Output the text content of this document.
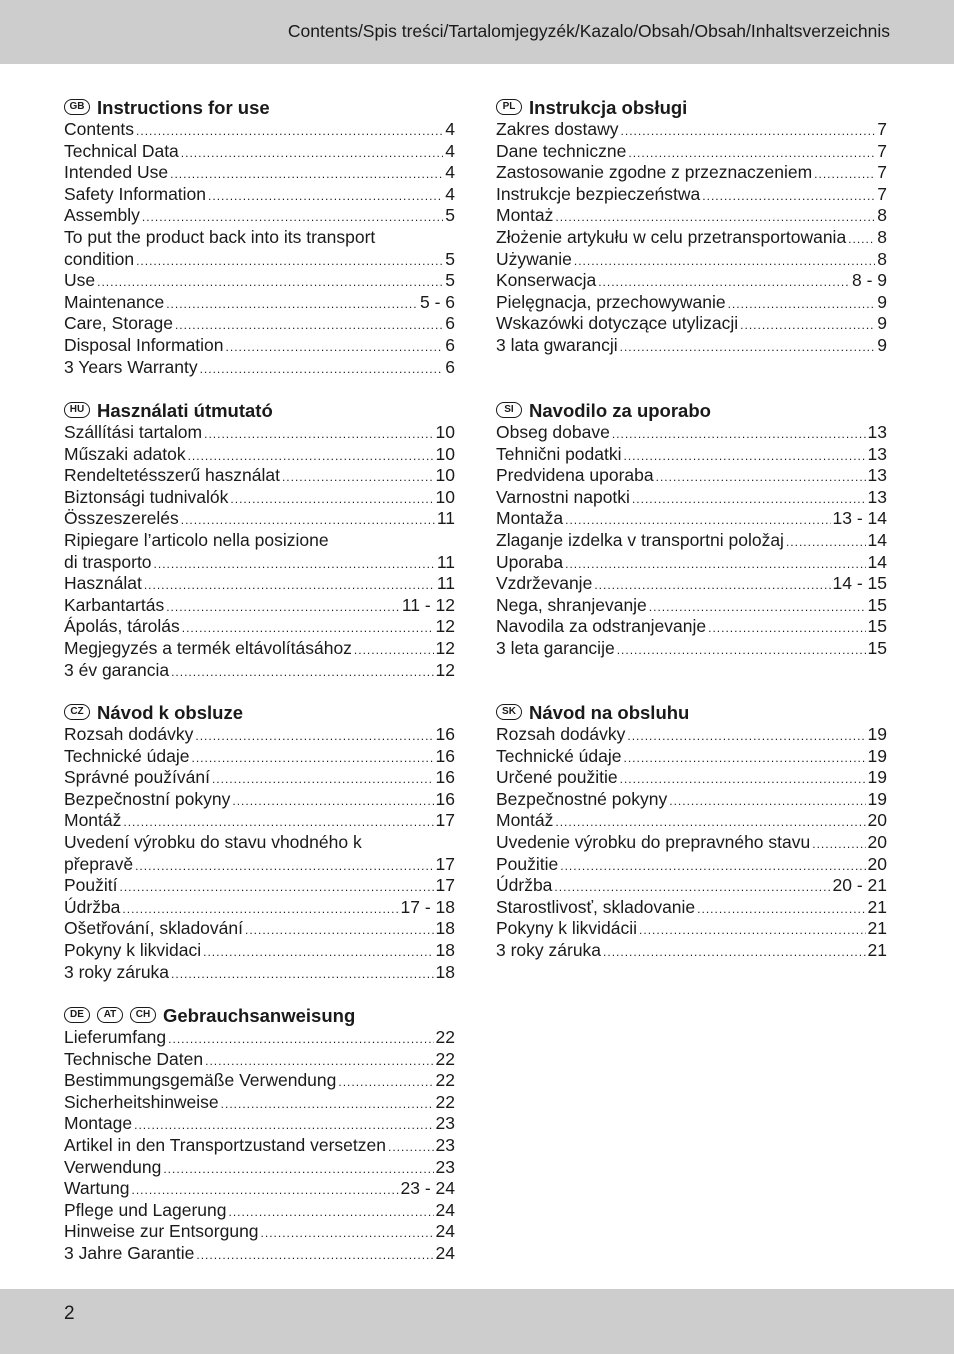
Contents/Spis treści/Tartalomjegyzék/Kazalo/Obsah/Obsah/Inhaltsverzeichnis
GB Instructions for use
Contents .....	4
Technical Data .....	4
Intended Use .....	4
Safety Information .....	4
Assembly .....	5
To put the product back into its transport
condition .....	5
Use .....	5
Maintenance .....	5 - 6
Care, Storage .....	6
Disposal Information .....	6
3 Years Warranty .....	6
HU Használati útmutató
Szállítási tartalom .....	10
Műszaki adatok .....	10
Rendeltetésszerű használat .....	10
Biztonsági tudnivalók .....	10
Összeszerelés .....	11
Ripiegare l’articolo nella posizione
di trasporto .....	11
Használat .....	11
Karbantartás .....	11 - 12
Ápolás, tárolás .....	12
Megjegyzés a termék eltávolításához .....	12
3 év garancia .....	12
CZ Návod k obsluze
Rozsah dodávky .....	16
Technické údaje .....	16
Správné používání .....	16
Bezpečnostní pokyny .....	16
Montáž .....	17
Uvedení výrobku do stavu vhodného k
přepravě .....	17
Použití .....	17
Údržba .....	17 - 18
Ošetřování, skladování .....	18
Pokyny k likvidaci .....	18
3 roky záruka .....	18
DE	AT	CH Gebrauchsanweisung
Lieferumfang .....	22
Technische Daten .....	22
Bestimmungsgemäße Verwendung .....	22
Sicherheitshinweise .....	22
Montage .....	23
Artikel in den Transportzustand versetzen .....	23
Verwendung .....	23
Wartung .....	23 - 24
Pflege und Lagerung .....	24
Hinweise zur Entsorgung .....	24
3 Jahre Garantie .....	24
PL Instrukcja obsługi
Zakres dostawy .....	7
Dane techniczne .....	7
Zastosowanie zgodne z przeznaczeniem .....	7
Instrukcje bezpieczeństwa .....	7
Montaż .....	8
Złożenie artykułu w celu przetransportowania ..... 8
Używanie .....	8
Konserwacja .....	8 - 9
Pielęgnacja, przechowywanie .....	9
Wskazówki dotyczące utylizacji .....	9
3 lata gwarancji .....	9
SI Navodilo za uporabo
Obseg dobave .....	13
Tehnični podatki .....	13
Predvidena uporaba .....	13
Varnostni napotki .....	13
Montaža .....	13 - 14
Zlaganje izdelka v transportni položaj .....	14
Uporaba .....	14
Vzdrževanje .....	14 - 15
Nega, shranjevanje .....	15
Navodila za odstranjevanje .....	15
3 leta garancije .....	15
SK Návod na obsluhu
Rozsah dodávky .....	19
Technické údaje .....	19
Určené použitie .....	19
Bezpečnostné pokyny .....	19
Montáž .....	20
Uvedenie výrobku do prepravného stavu .....	20
Použitie .....	20
Údržba .....	20 - 21
Starostlivosť, skladovanie .....	21
Pokyny k likvidácii .....	21
3 roky záruka .....	21
2
